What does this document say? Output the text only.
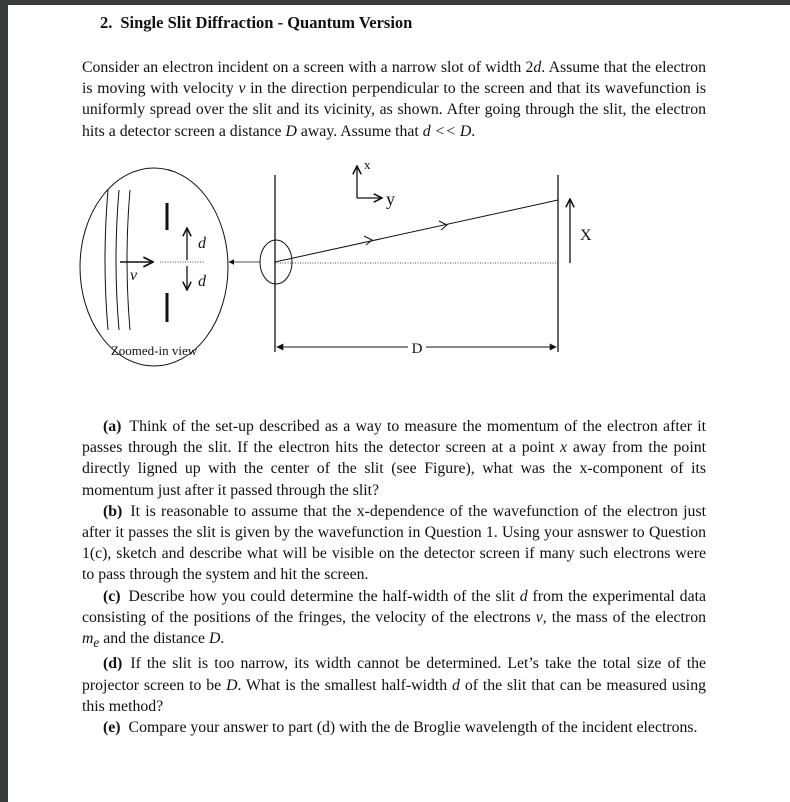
2. Single Slit Diffraction - Quantum Version
Consider an electron incident on a screen with a narrow slot of width 2d. Assume that the electron is moving with velocity v in the direction perpendicular to the screen and that its wavefunction is uniformly spread over the slit and its vicinity, as shown. After going through the slit, the electron hits a detector screen a distance D away. Assume that d << D.
v
d
d
Zoomed-in view
X
x
y
D

(a) Think of the set-up described as a way to measure the momentum of the electron after it passes through the slit. If the electron hits the detector screen at a point x away from the point directly ligned up with the center of the slit (see Figure), what was the x-component of its momentum just after it passed through the slit?

(b) It is reasonable to assume that the x-dependence of the wavefunction of the electron just after it passes the slit is given by the wavefunction in Question 1. Using your asnswer to Question 1(c), sketch and describe what will be visible on the detector screen if many such electrons were to pass through the system and hit the screen.

(c) Describe how you could determine the half-width of the slit d from the experimental data consisting of the positions of the fringes, the velocity of the electrons v, the mass of the electron $m_e$ and the distance D.

(d) If the slit is too narrow, its width cannot be determined. Let’s take the total size of the projector screen to be D. What is the smallest half-width d of the slit that can be measured using this method?

(e) Compare your answer to part (d) with the de Broglie wavelength of the incident electrons.
